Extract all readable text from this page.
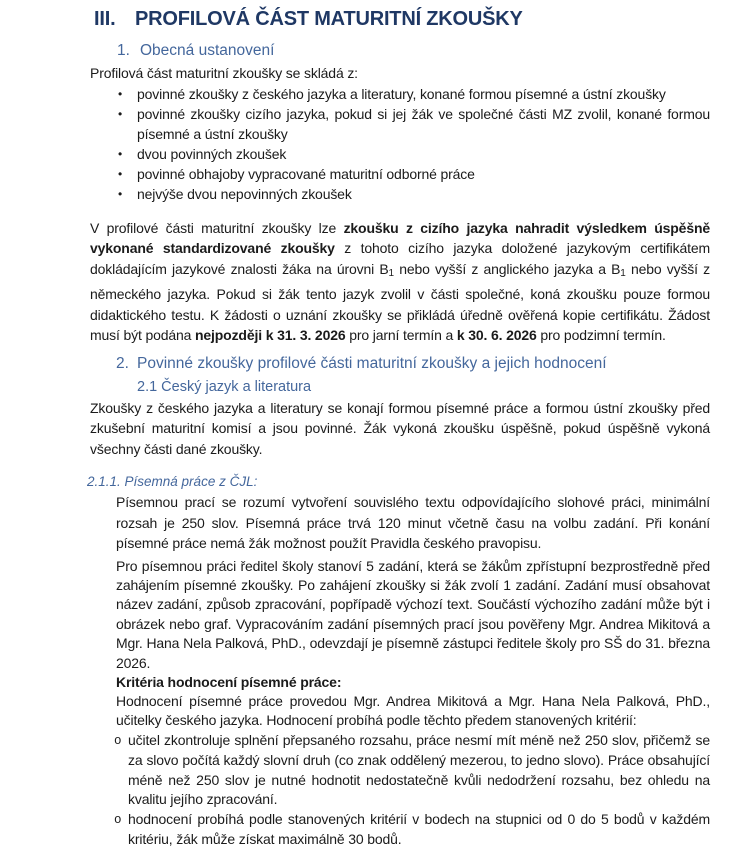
III. PROFILOVÁ ČÁST MATURITNÍ ZKOUŠKY
1. Obecná ustanovení

Profilová část maturitní zkoušky se skládá z:

• povinné zkoušky z českého jazyka a literatury, konané formou písemné a ústní zkoušky
• povinné zkoušky cizího jazyka, pokud si jej žák ve společné části MZ zvolil, konané formou písemné a ústní zkoušky
• dvou povinných zkoušek
• povinné obhajoby vypracované maturitní odborné práce
• nejvýše dvou nepovinných zkoušek

V profilové části maturitní zkoušky lze zkoušku z cizího jazyka nahradit výsledkem úspěšně vykonané standardizované zkoušky z tohoto cizího jazyka doložené jazykovým certifikátem dokládajícím jazykové znalosti žáka na úrovni B1 nebo vyšší z anglického jazyka a B1 nebo vyšší z německého jazyka. Pokud si žák tento jazyk zvolil v části společné, koná zkoušku pouze formou didaktického testu. K žádosti o uznání zkoušky se přikládá úředně ověřená kopie certifikátu. Žádost musí být podána nejpozději k 31. 3. 2026 pro jarní termín a k 30. 6. 2026 pro podzimní termín.

2. Povinné zkoušky profilové části maturitní zkoušky a jejich hodnocení
2.1 Český jazyk a literatura

Zkoušky z českého jazyka a literatury se konají formou písemné práce a formou ústní zkoušky před zkušební maturitní komisí a jsou povinné. Žák vykoná zkoušku úspěšně, pokud úspěšně vykoná všechny části dané zkoušky.

2.1.1. Písemná práce z ČJL:

Písemnou prací se rozumí vytvoření souvislého textu odpovídajícího slohové práci, minimální rozsah je 250 slov. Písemná práce trvá 120 minut včetně času na volbu zadání. Při konání písemné práce nemá žák možnost použít Pravidla českého pravopisu.

Pro písemnou práci ředitel školy stanoví 5 zadání, která se žákům zpřístupní bezprostředně před zahájením písemné zkoušky. Po zahájení zkoušky si žák zvolí 1 zadání. Zadání musí obsahovat název zadání, způsob zpracování, popřípadě výchozí text. Součástí výchozího zadání může být i obrázek nebo graf. Vypracováním zadání písemných prací jsou pověřeny Mgr. Andrea Mikitová a Mgr. Hana Nela Palková, PhD., odevzdají je písemně zástupci ředitele školy pro SŠ do 31. března 2026.

Kritéria hodnocení písemné práce:

Hodnocení písemné práce provedou Mgr. Andrea Mikitová a Mgr. Hana Nela Palková, PhD., učitelky českého jazyka. Hodnocení probíhá podle těchto předem stanovených kritérií:

o učitel zkontroluje splnění přepsaného rozsahu, práce nesmí mít méně než 250 slov, přičemž se za slovo počítá každý slovní druh (co znak oddělený mezerou, to jedno slovo). Práce obsahující méně než 250 slov je nutné hodnotit nedostatečně kvůli nedodržení rozsahu, bez ohledu na kvalitu jejího zpracování.
o hodnocení probíhá podle stanovených kritérií v bodech na stupnici od 0 do 5 bodů v každém kritériu, žák může získat maximálně 30 bodů.
